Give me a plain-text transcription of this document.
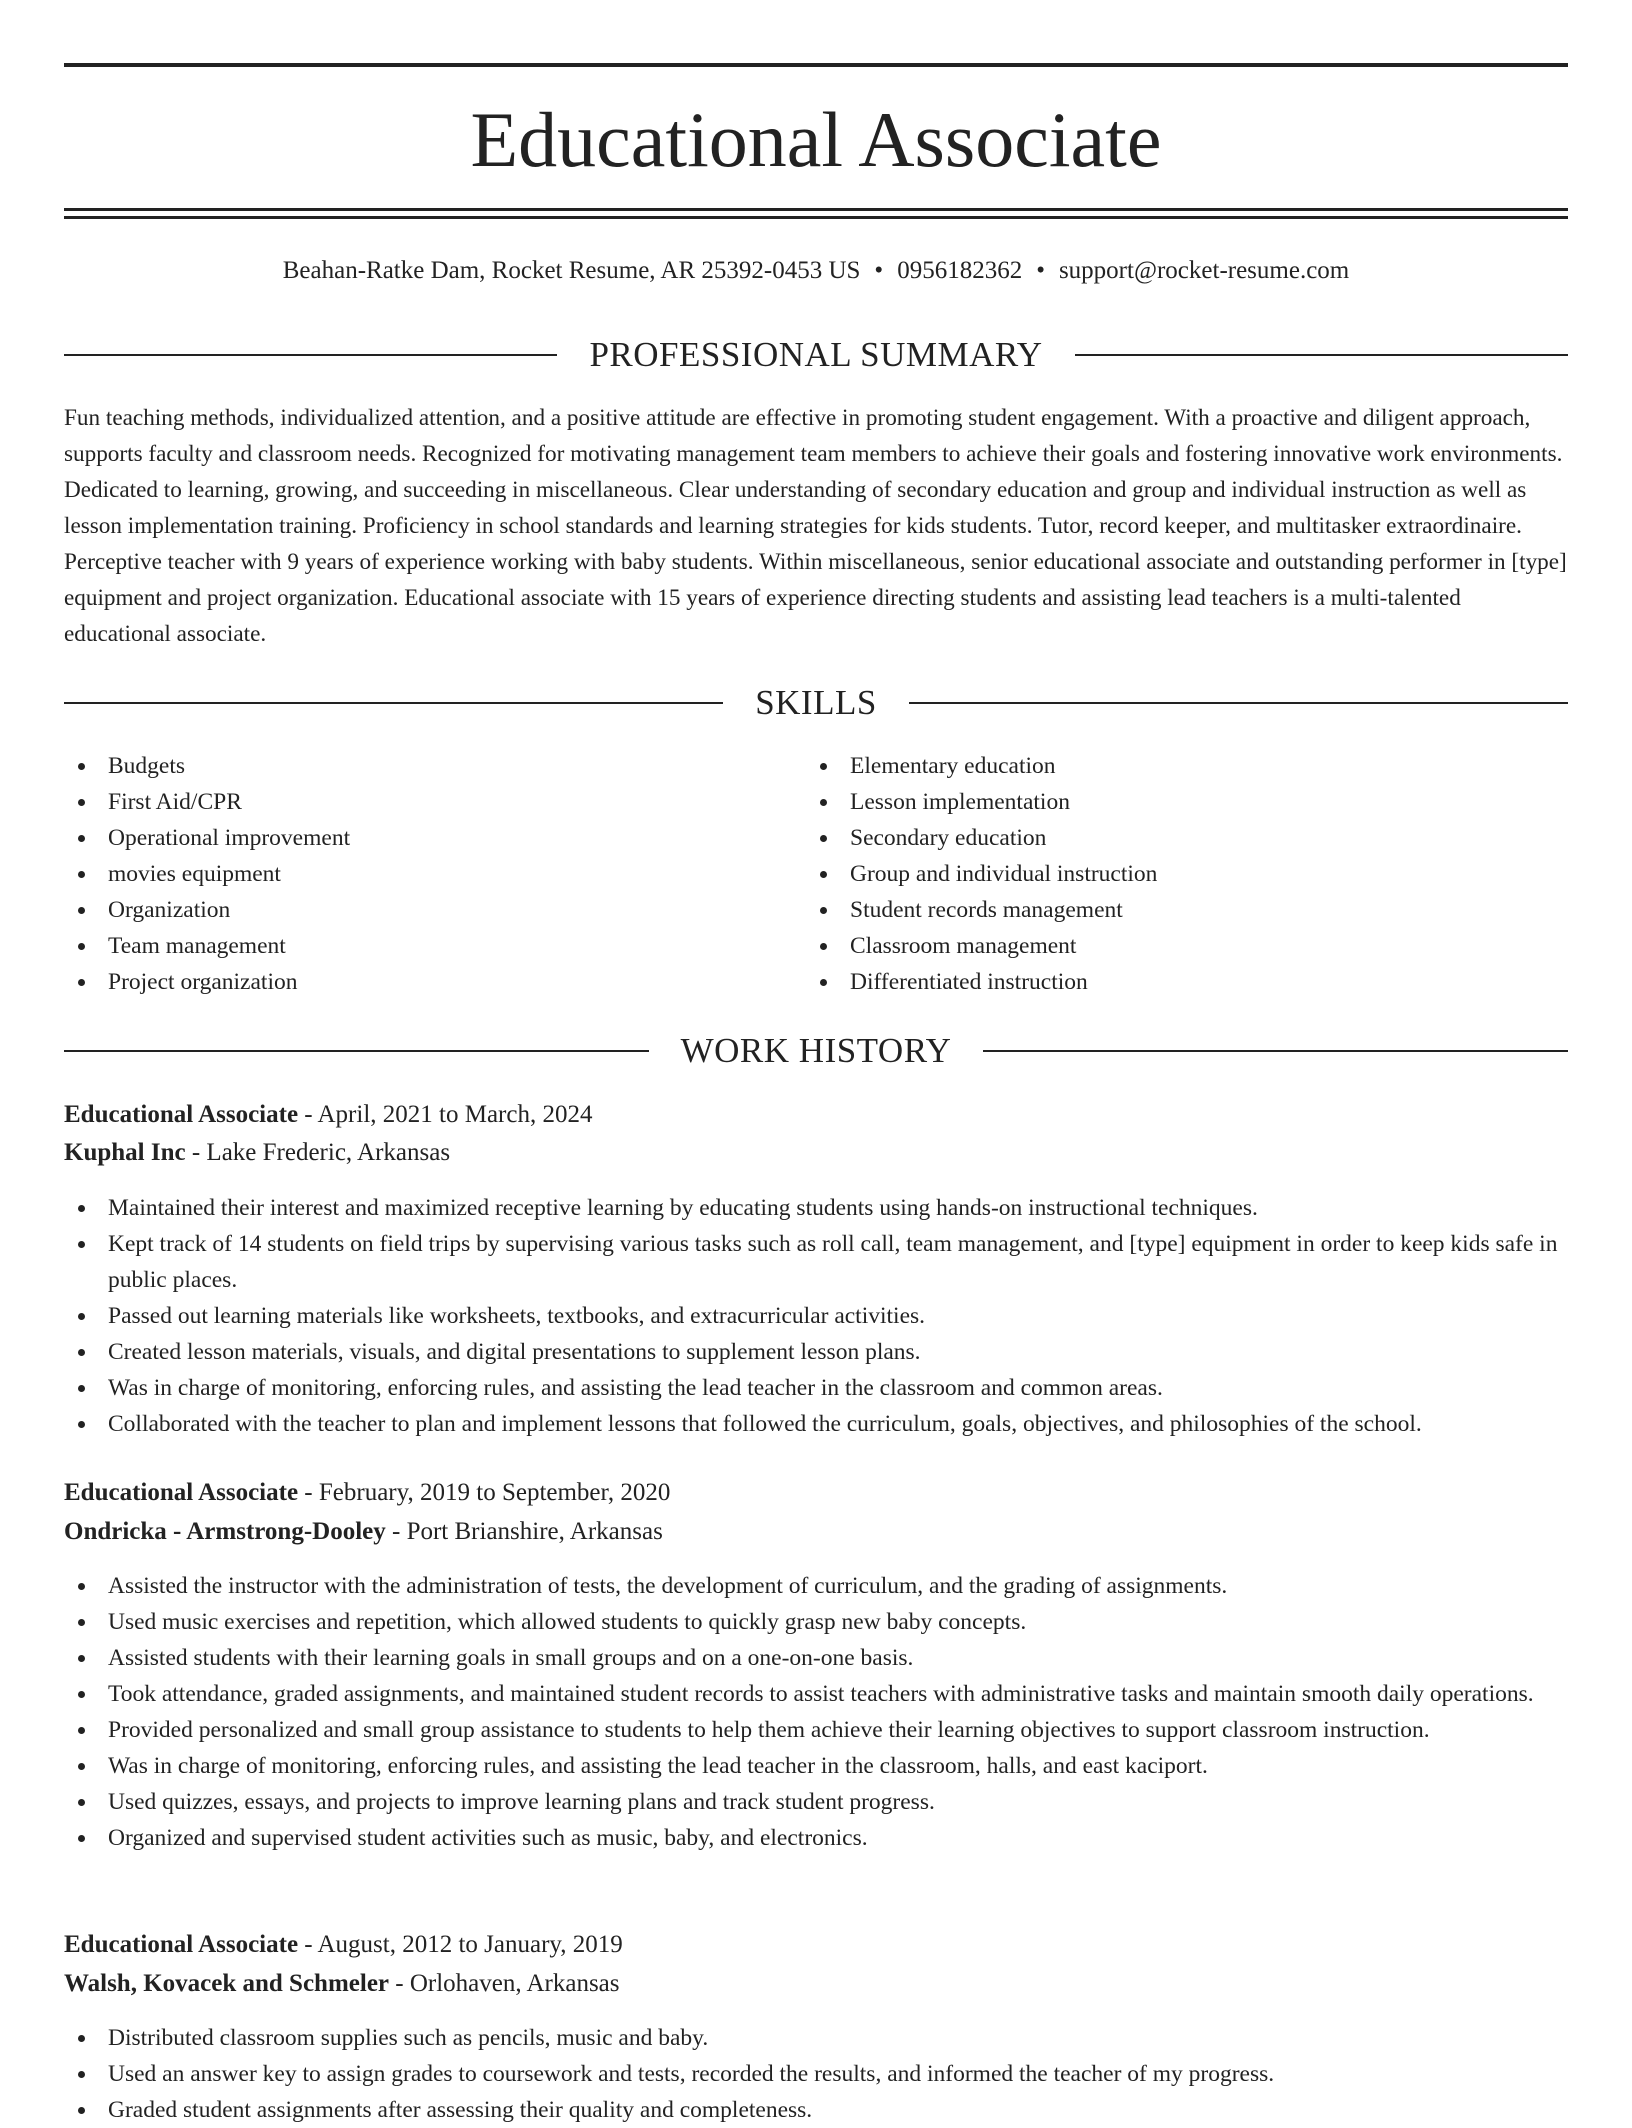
Educational Associate
Beahan-Ratke Dam, Rocket Resume, AR 25392-0453 US • 0956182362 • support@rocket-resume.com
PROFESSIONAL SUMMARY

Fun teaching methods, individualized attention, and a positive attitude are effective in promoting student engagement. With a proactive and diligent approach, supports faculty and classroom needs. Recognized for motivating management team members to achieve their goals and fostering innovative work environments. Dedicated to learning, growing, and succeeding in miscellaneous. Clear understanding of secondary education and group and individual instruction as well as lesson implementation training. Proficiency in school standards and learning strategies for kids students. Tutor, record keeper, and multitasker extraordinaire. Perceptive teacher with 9 years of experience working with baby students. Within miscellaneous, senior educational associate and outstanding performer in [type] equipment and project organization. Educational associate with 15 years of experience directing students and assisting lead teachers is a multi-talented educational associate.

SKILLS
Budgets
First Aid/CPR
Operational improvement
movies equipment
Organization
Team management
Project organization
Elementary education
Lesson implementation
Secondary education
Group and individual instruction
Student records management
Classroom management
Differentiated instruction
WORK HISTORY
Educational Associate - April, 2021 to March, 2024
Kuphal Inc - Lake Frederic, Arkansas
Maintained their interest and maximized receptive learning by educating students using hands-on instructional techniques.
Kept track of 14 students on field trips by supervising various tasks such as roll call, team management, and [type] equipment in order to keep kids safe in public places.
Passed out learning materials like worksheets, textbooks, and extracurricular activities.
Created lesson materials, visuals, and digital presentations to supplement lesson plans.
Was in charge of monitoring, enforcing rules, and assisting the lead teacher in the classroom and common areas.
Collaborated with the teacher to plan and implement lessons that followed the curriculum, goals, objectives, and philosophies of the school.
Educational Associate - February, 2019 to September, 2020
Ondricka - Armstrong-Dooley - Port Brianshire, Arkansas
Assisted the instructor with the administration of tests, the development of curriculum, and the grading of assignments.
Used music exercises and repetition, which allowed students to quickly grasp new baby concepts.
Assisted students with their learning goals in small groups and on a one-on-one basis.
Took attendance, graded assignments, and maintained student records to assist teachers with administrative tasks and maintain smooth daily operations.
Provided personalized and small group assistance to students to help them achieve their learning objectives to support classroom instruction.
Was in charge of monitoring, enforcing rules, and assisting the lead teacher in the classroom, halls, and east kaciport.
Used quizzes, essays, and projects to improve learning plans and track student progress.
Organized and supervised student activities such as music, baby, and electronics.
Educational Associate - August, 2012 to January, 2019
Walsh, Kovacek and Schmeler - Orlohaven, Arkansas
Distributed classroom supplies such as pencils, music and baby.
Used an answer key to assign grades to coursework and tests, recorded the results, and informed the teacher of my progress.
Graded student assignments after assessing their quality and completeness.
